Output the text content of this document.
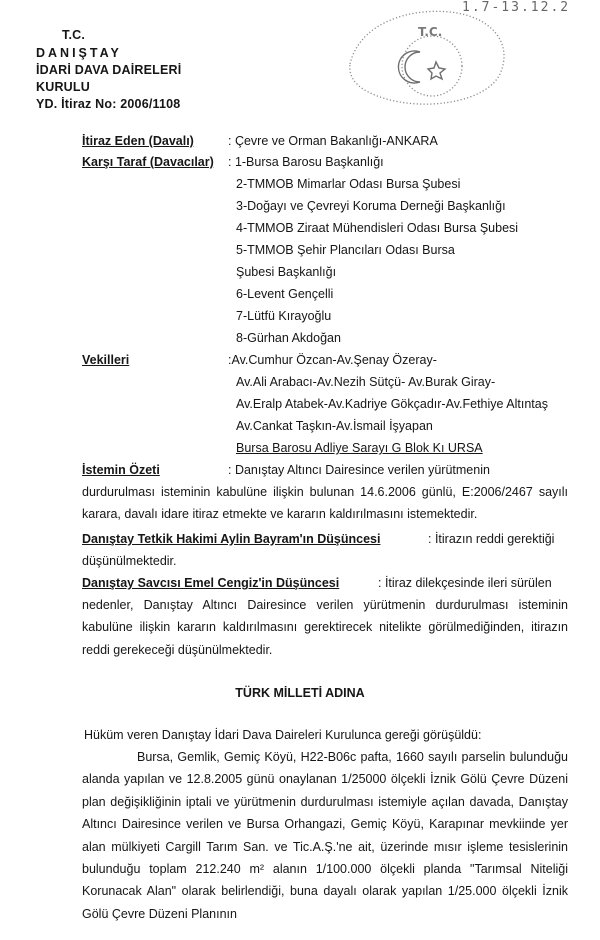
T.C.
DANIŞTAY
İDARİ DAVA DAİRELERİ
KURULU
YD. İtiraz No: 2006/1108
1.7-13.12.2
T.C.
İtiraz Eden (Davalı)	: Çevre ve Orman Bakanlığı-ANKARA
Karşı Taraf (Davacılar) : 1-Bursa Barosu Başkanlığı
2-TMMOB Mimarlar Odası Bursa Şubesi
3-Doğayı ve Çevreyi Koruma Derneği Başkanlığı
4-TMMOB Ziraat Mühendisleri Odası Bursa Şubesi
5-TMMOB Şehir Plancıları Odası Bursa
Şubesi Başkanlığı
6-Levent Gençelli
7-Lütfü Kırayoğlu
8-Gürhan Akdoğan
Vekilleri	:Av.Cumhur Özcan-Av.Şenay Özeray-
Av.Ali Arabacı-Av.Nezih Sütçü- Av.Burak Giray-
Av.Eralp Atabek-Av.Kadriye Gökçadır-Av.Fethiye Altıntaş
Av.Cankat Taşkın-Av.İsmail İşyapan
Bursa Barosu Adliye Sarayı G Blok Kı URSA
İstemin Özeti	: Danıştay Altıncı Dairesince verilen yürütmenin
durdurulması isteminin kabulüne ilişkin bulunan 14.6.2006 günlü, E:2006/2467 sayılı karara, davalı idare itiraz etmekte ve kararın kaldırılmasını istemektedir.
Danıştay Tetkik Hakimi Aylin Bayram'ın Düşüncesi	: İtirazın reddi gerektiği
düşünülmektedir.
Danıştay Savcısı Emel Cengiz'in Düşüncesi	: İtiraz dilekçesinde ileri sürülen
nedenler, Danıştay Altıncı Dairesince verilen yürütmenin durdurulması isteminin kabulüne ilişkin kararın kaldırılmasını gerektirecek nitelikte görülmediğinden, itirazın reddi gerekeceği düşünülmektedir.
TÜRK MİLLETİ ADINA
Hüküm veren Danıştay İdari Dava Daireleri Kurulunca gereği görüşüldü:
Bursa, Gemlik, Gemiç Köyü, H22-B06c pafta, 1660 sayılı parselin bulunduğu alanda yapılan ve 12.8.2005 günü onaylanan 1/25000 ölçekli İznik Gölü Çevre Düzeni plan değişikliğinin iptali ve yürütmenin durdurulması istemiyle açılan davada, Danıştay Altıncı Dairesince verilen ve Bursa Orhangazi, Gemiç Köyü, Karapınar mevkiinde yer alan mülkiyeti Cargill Tarım San. ve Tic.A.Ş.'ne ait, üzerinde mısır işleme tesislerinin bulunduğu toplam 212.240 m² alanın 1/100.000 ölçekli planda "Tarımsal Niteliği Korunacak Alan" olarak belirlendiği, buna dayalı olarak yapılan 1/25.000 ölçekli İznik Gölü Çevre Düzeni Planının
